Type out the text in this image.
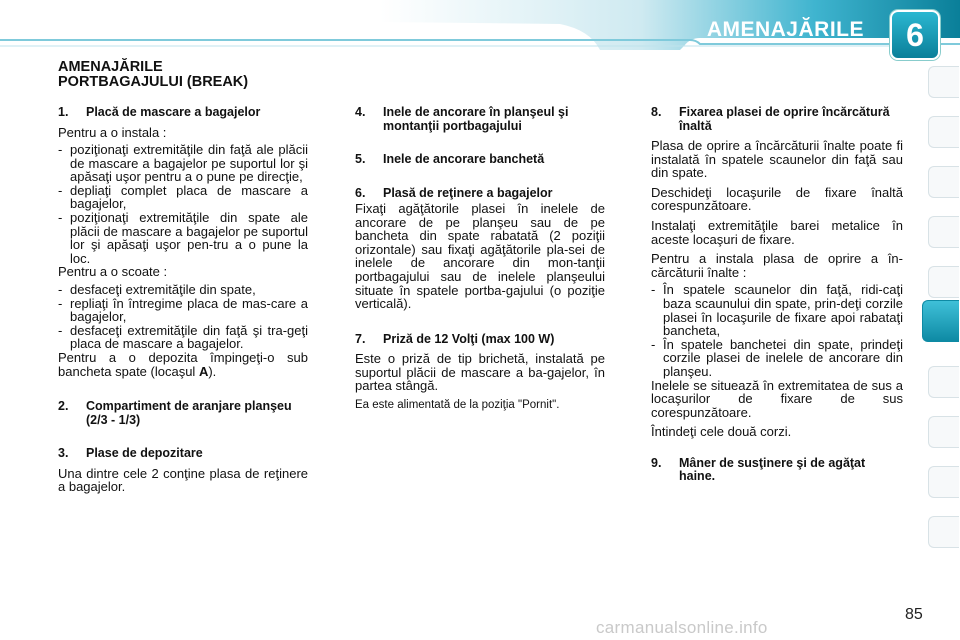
AMENAJĂRILE	6
AMENAJĂRILE
PORTBAGAJULUI (BREAK)
1.	Placă de mascare a bagajelor

Pentru a o instala :

- poziţionaţi extremităţile din faţă ale plăcii de mascare a bagajelor pe suportul lor şi apăsaţi uşor pentru a o pune pe direcţie,
- depliaţi complet placa de mascare a bagajelor,
- poziţionaţi extremităţile din spate ale plăcii de mascare a bagajelor pe suportul lor şi apăsaţi uşor pen-tru a o pune la loc.

Pentru a o scoate :

- desfaceţi extremităţile din spate,
- repliaţi în întregime placa de mas-care a bagajelor,
- desfaceţi extremităţile din faţă şi tra-geţi placa de mascare a bagajelor.

Pentru a o depozita împingeţi-o sub bancheta spate (locaşul A).

2.	Compartiment de aranjare planşeu (2/3 - 1/3)
3.	Plase de depozitare

Una dintre cele 2 conţine plasa de reţinere a bagajelor.

4.	Inele de ancorare în planşeul şi montanţii portbagajului
5.	Inele de ancorare banchetă
6.	Plasă de reţinere a bagajelor

Fixaţi agăţătorile plasei în inelele de ancorare de pe planşeu sau de pe bancheta din spate rabatată (2 poziţii orizontale) sau fixaţi agăţătorile pla-sei de inelele de ancorare din mon-tanţii portbagajului sau de inelele planşeului situate în spatele portba-gajului (o poziţie verticală).

7.	Priză de 12 Volţi (max 100 W)

Este o priză de tip brichetă, instalată pe suportul plăcii de mascare a ba-gajelor, în partea stângă.

Ea este alimentată de la poziţia "Pornit".

8.	Fixarea plasei de oprire încărcătură înaltă

Plasa de oprire a încărcăturii înalte poate fi instalată în spatele scaunelor din faţă sau din spate.

Deschideţi locaşurile de fixare înaltă corespunzătoare.

Instalaţi extremităţile barei metalice în aceste locaşuri de fixare.

Pentru a instala plasa de oprire a în-cărcăturii înalte :

- În spatele scaunelor din faţă, ridi-caţi baza scaunului din spate, prin-deţi corzile plasei în locaşurile de fixare apoi rabataţi bancheta,
- În spatele banchetei din spate, prindeţi corzile plasei de inelele de ancorare din planşeu.

Inelele se situează în extremitatea de sus a locaşurilor de fixare de sus corespunzătoare.

Întindeţi cele două corzi.

9.	Mâner de susţinere şi de agăţat haine.
85
carmanualsonline.info
